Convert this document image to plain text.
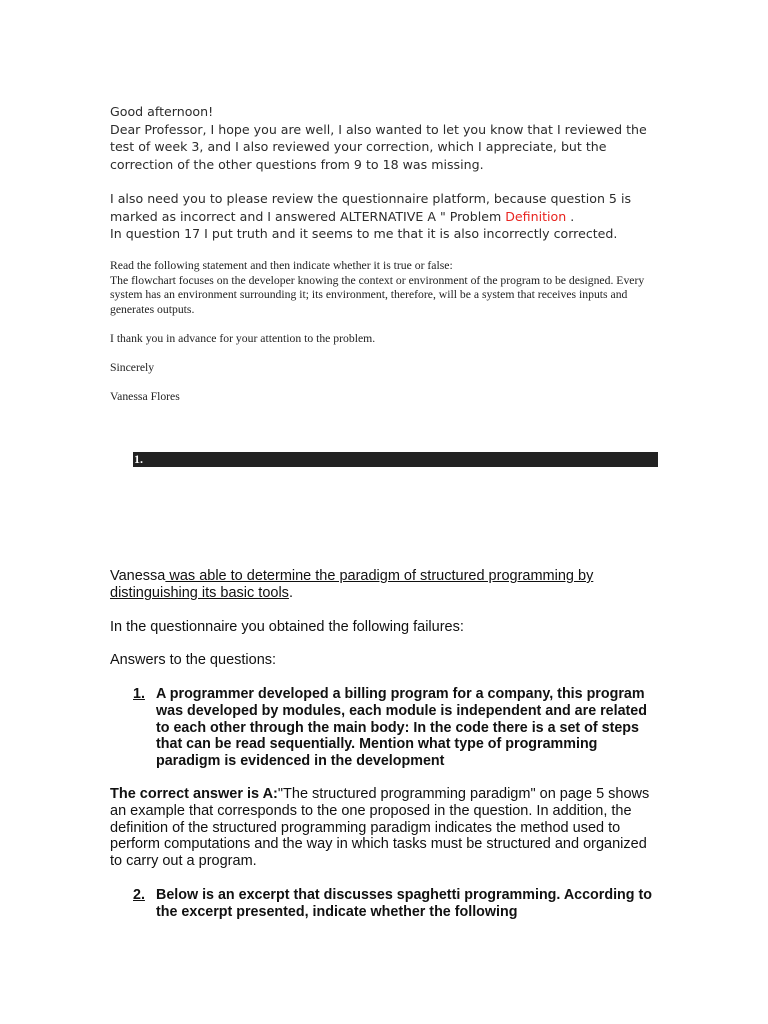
Good afternoon!

Dear Professor, I hope you are well, I also wanted to let you know that I reviewed the test of week 3, and I also reviewed your correction, which I appreciate, but the correction of the other questions from 9 to 18 was missing.

I also need you to please review the questionnaire platform, because question 5 is marked as incorrect and I answered ALTERNATIVE A " Problem Definition .

In question 17 I put truth and it seems to me that it is also incorrectly corrected.

Read the following statement and then indicate whether it is true or false:

The flowchart focuses on the developer knowing the context or environment of the program to be designed. Every system has an environment surrounding it; its environment, therefore, will be a system that receives inputs and generates outputs.

I thank you in advance for your attention to the problem.

Sincerely

Vanessa Flores

1.

Vanessa was able to determine the paradigm of structured programming by

distinguishing its basic tools.

In the questionnaire you obtained the following failures:

Answers to the questions:

1. A programmer developed a billing program for a company, this program was developed by modules, each module is independent and are related to each other through the main body: In the code there is a set of steps that can be read sequentially. Mention what type of programming paradigm is evidenced in the development

The correct answer is A:"The structured programming paradigm" on page 5 shows an example that corresponds to the one proposed in the question. In addition, the definition of the structured programming paradigm indicates the method used to perform computations and the way in which tasks must be structured and organized to carry out a program.

2. Below is an excerpt that discusses spaghetti programming. According to the excerpt presented, indicate whether the following
